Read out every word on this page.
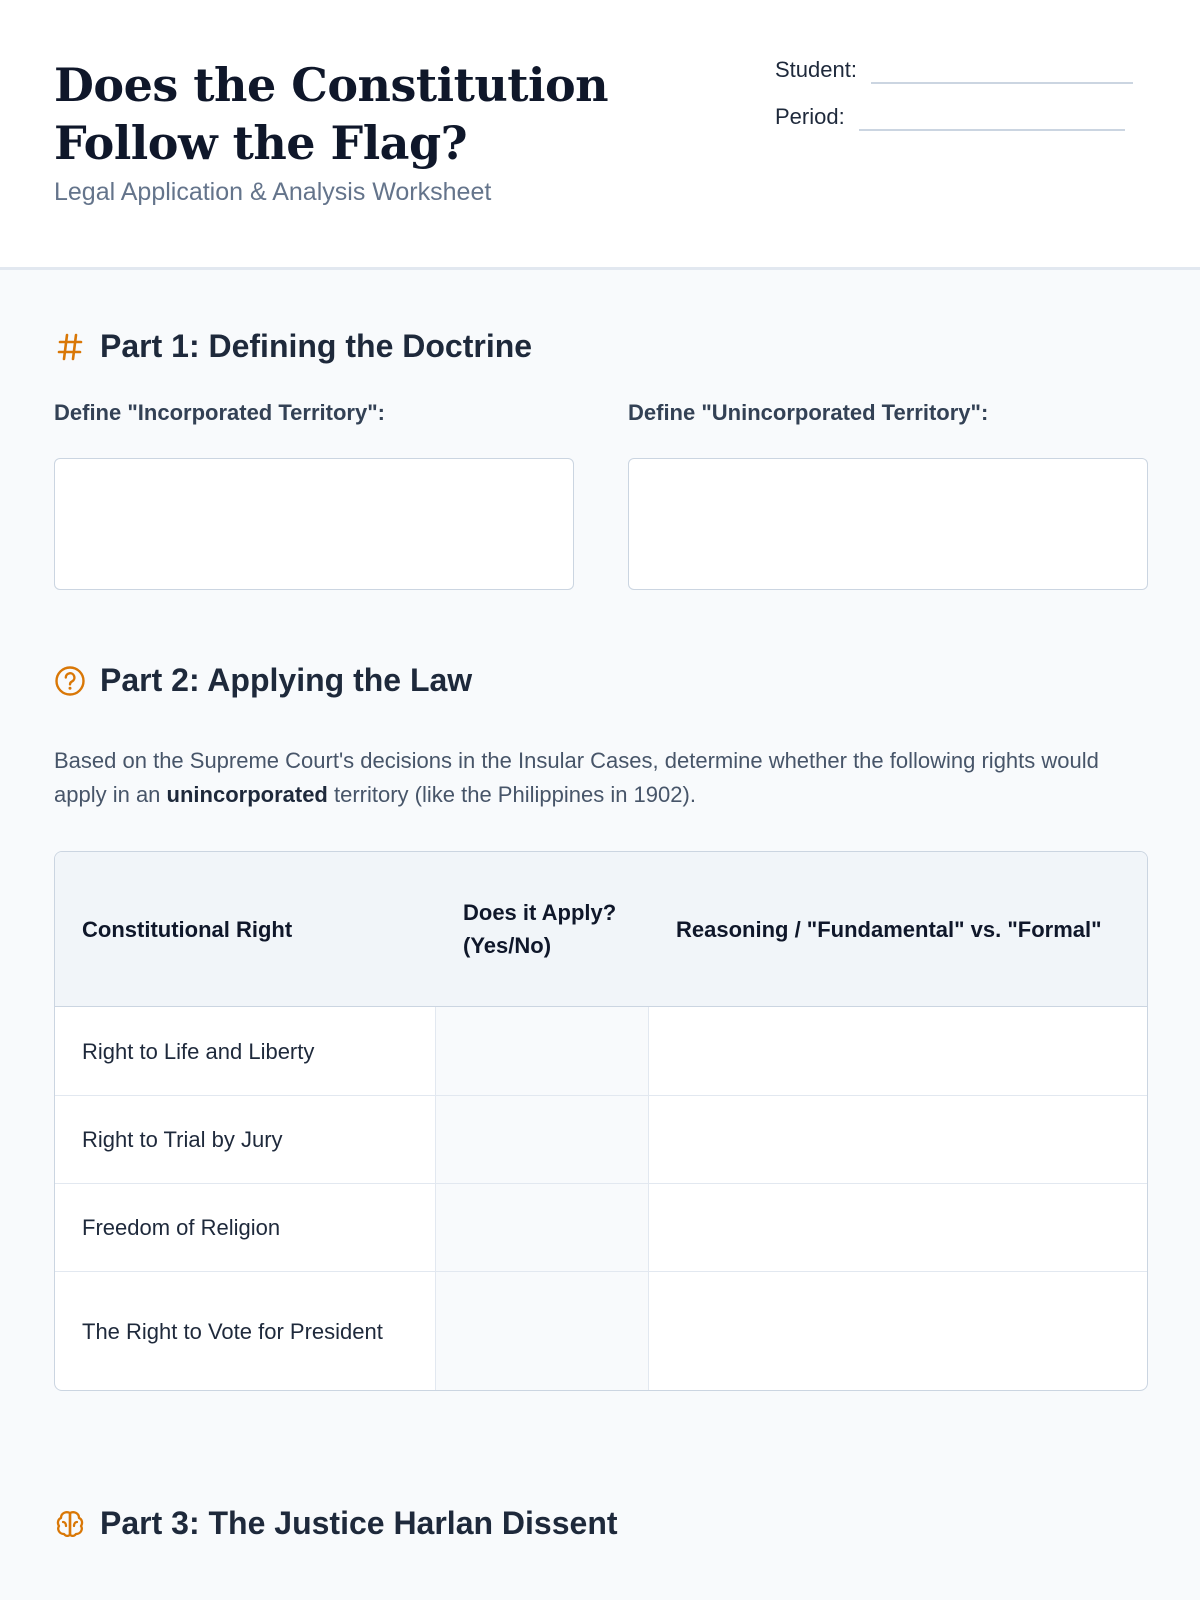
Does the Constitution Follow the Flag?
Legal Application & Analysis Worksheet
Student:
Period:
Part 1: Defining the Doctrine
Define "Incorporated Territory":	Define "Unincorporated Territory":
Part 2: Applying the Law

Based on the Supreme Court's decisions in the Insular Cases, determine whether the following rights would apply in an unincorporated territory (like the Philippines in 1902).

Constitutional Right
Does it Apply? (Yes/No)
Reasoning / "Fundamental" vs. "Formal"
Right to Life and Liberty
Right to Trial by Jury
Freedom of Religion
The Right to Vote for President
Part 3: The Justice Harlan Dissent
